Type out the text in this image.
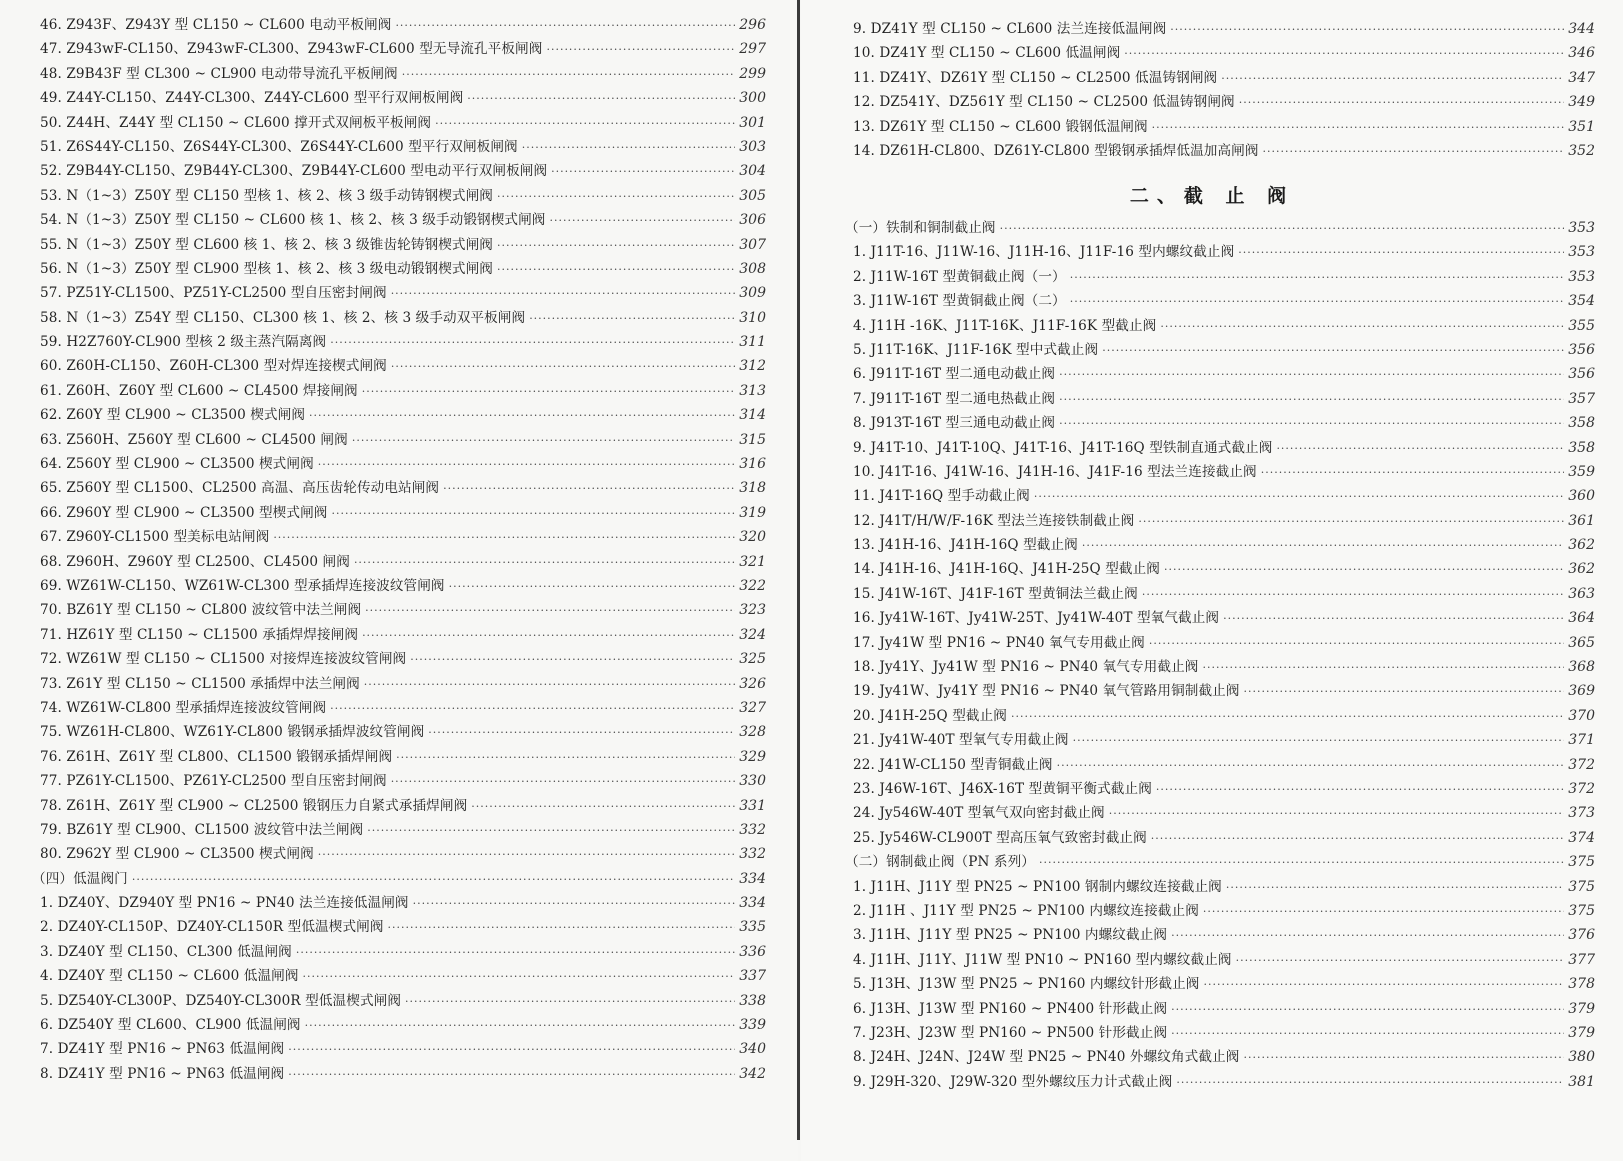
46. Z943F、Z943Y 型 CL150 ~ CL600 电动平板闸阀 ·····	296
47. Z943wF-CL150、Z943wF-CL300、Z943wF-CL600 型无导流孔平板闸阀 ·····	297
48. Z9B43F 型 CL300 ~ CL900 电动带导流孔平板闸阀 ·····	299
49. Z44Y-CL150、Z44Y-CL300、Z44Y-CL600 型平行双闸板闸阀 ·····	300
50. Z44H、Z44Y 型 CL150 ~ CL600 撑开式双闸板平板闸阀 ·····	301
51. Z6S44Y-CL150、Z6S44Y-CL300、Z6S44Y-CL600 型平行双闸板闸阀 ·····	303
52. Z9B44Y-CL150、Z9B44Y-CL300、Z9B44Y-CL600 型电动平行双闸板闸阀 ·····	304
53. N（1~3）Z50Y 型 CL150 型核 1、核 2、核 3 级手动铸钢楔式闸阀 ·····	305
54. N（1~3）Z50Y 型 CL150 ~ CL600 核 1、核 2、核 3 级手动锻钢楔式闸阀 ·····	306
55. N（1~3）Z50Y 型 CL600 核 1、核 2、核 3 级锥齿轮铸钢楔式闸阀 ·····	307
56. N（1~3）Z50Y 型 CL900 型核 1、核 2、核 3 级电动锻钢楔式闸阀 ·····	308
57. PZ51Y-CL1500、PZ51Y-CL2500 型自压密封闸阀 ·····	309
58. N（1~3）Z54Y 型 CL150、CL300 核 1、核 2、核 3 级手动双平板闸阀 ·····	310
59. H2Z760Y-CL900 型核 2 级主蒸汽隔离阀 ·····	311
60. Z60H-CL150、Z60H-CL300 型对焊连接楔式闸阀 ·····	312
61. Z60H、Z60Y 型 CL600 ~ CL4500 焊接闸阀 ·····	313
62. Z60Y 型 CL900 ~ CL3500 楔式闸阀 ·····	314
63. Z560H、Z560Y 型 CL600 ~ CL4500 闸阀 ·····	315
64. Z560Y 型 CL900 ~ CL3500 楔式闸阀 ·····	316
65. Z560Y 型 CL1500、CL2500 高温、高压齿轮传动电站闸阀 ·····	318
66. Z960Y 型 CL900 ~ CL3500 型楔式闸阀 ·····	319
67. Z960Y-CL1500 型美标电站闸阀 ·····	320
68. Z960H、Z960Y 型 CL2500、CL4500 闸阀 ·····	321
69. WZ61W-CL150、WZ61W-CL300 型承插焊连接波纹管闸阀 ·····	322
70. BZ61Y 型 CL150 ~ CL800 波纹管中法兰闸阀 ·····	323
71. HZ61Y 型 CL150 ~ CL1500 承插焊焊接闸阀 ·····	324
72. WZ61W 型 CL150 ~ CL1500 对接焊连接波纹管闸阀 ·····	325
73. Z61Y 型 CL150 ~ CL1500 承插焊中法兰闸阀 ·····	326
74. WZ61W-CL800 型承插焊连接波纹管闸阀 ·····	327
75. WZ61H-CL800、WZ61Y-CL800 锻钢承插焊波纹管闸阀 ·····	328
76. Z61H、Z61Y 型 CL800、CL1500 锻钢承插焊闸阀 ·····	329
77. PZ61Y-CL1500、PZ61Y-CL2500 型自压密封闸阀 ·····	330
78. Z61H、Z61Y 型 CL900 ~ CL2500 锻钢压力自紧式承插焊闸阀 ·····	331
79. BZ61Y 型 CL900、CL1500 波纹管中法兰闸阀 ·····	332
80. Z962Y 型 CL900 ~ CL3500 楔式闸阀 ·····	332
（四）低温阀门 ·····	334
1. DZ40Y、DZ940Y 型 PN16 ~ PN40 法兰连接低温闸阀 ·····	334
2. DZ40Y-CL150P、DZ40Y-CL150R 型低温楔式闸阀 ·····	335
3. DZ40Y 型 CL150、CL300 低温闸阀 ·····	336
4. DZ40Y 型 CL150 ~ CL600 低温闸阀 ·····	337
5. DZ540Y-CL300P、DZ540Y-CL300R 型低温楔式闸阀 ·····	338
6. DZ540Y 型 CL600、CL900 低温闸阀 ·····	339
7. DZ41Y 型 PN16 ~ PN63 低温闸阀 ·····	340
8. DZ41Y 型 PN16 ~ PN63 低温闸阀 ·····	342
9. DZ41Y 型 CL150 ~ CL600 法兰连接低温闸阀 ·····	344
10. DZ41Y 型 CL150 ~ CL600 低温闸阀 ·····	346
11. DZ41Y、DZ61Y 型 CL150 ~ CL2500 低温铸钢闸阀 ·····	347
12. DZ541Y、DZ561Y 型 CL150 ~ CL2500 低温铸钢闸阀 ·····	349
13. DZ61Y 型 CL150 ~ CL600 锻钢低温闸阀 ·····	351
14. DZ61H-CL800、DZ61Y-CL800 型锻钢承插焊低温加高闸阀 ·····	352
二、截 止 阀
（一）铁制和铜制截止阀 ·····	353
1. J11T-16、J11W-16、J11H-16、J11F-16 型内螺纹截止阀 ·····	353
2. J11W-16T 型黄铜截止阀（一） ·····	353
3. J11W-16T 型黄铜截止阀（二） ·····	354
4. J11H -16K、J11T-16K、J11F-16K 型截止阀 ·····	355
5. J11T-16K、J11F-16K 型中式截止阀 ·····	356
6. J911T-16T 型二通电动截止阀 ·····	356
7. J911T-16T 型二通电热截止阀 ·····	357
8. J913T-16T 型三通电动截止阀 ·····	358
9. J41T-10、J41T-10Q、J41T-16、J41T-16Q 型铁制直通式截止阀 ·····	358
10. J41T-16、J41W-16、J41H-16、J41F-16 型法兰连接截止阀 ·····	359
11. J41T-16Q 型手动截止阀 ·····	360
12. J41T/H/W/F-16K 型法兰连接铁制截止阀 ·····	361
13. J41H-16、J41H-16Q 型截止阀 ·····	362
14. J41H-16、J41H-16Q、J41H-25Q 型截止阀 ·····	362
15. J41W-16T、J41F-16T 型黄铜法兰截止阀 ·····	363
16. Jy41W-16T、Jy41W-25T、Jy41W-40T 型氧气截止阀 ·····	364
17. Jy41W 型 PN16 ~ PN40 氧气专用截止阀 ·····	365
18. Jy41Y、Jy41W 型 PN16 ~ PN40 氧气专用截止阀 ·····	368
19. Jy41W、Jy41Y 型 PN16 ~ PN40 氧气管路用铜制截止阀 ·····	369
20. J41H-25Q 型截止阀 ·····	370
21. Jy41W-40T 型氧气专用截止阀 ·····	371
22. J41W-CL150 型青铜截止阀 ·····	372
23. J46W-16T、J46X-16T 型黄铜平衡式截止阀 ·····	372
24. Jy546W-40T 型氧气双向密封截止阀 ·····	373
25. Jy546W-CL900T 型高压氧气致密封截止阀 ·····	374
（二）钢制截止阀（PN 系列） ·····	375
1. J11H、J11Y 型 PN25 ~ PN100 钢制内螺纹连接截止阀 ·····	375
2. J11H 、J11Y 型 PN25 ~ PN100 内螺纹连接截止阀 ·····	375
3. J11H、J11Y 型 PN25 ~ PN100 内螺纹截止阀 ·····	376
4. J11H、J11Y、J11W 型 PN10 ~ PN160 型内螺纹截止阀 ·····	377
5. J13H、J13W 型 PN25 ~ PN160 内螺纹针形截止阀 ·····	378
6. J13H、J13W 型 PN160 ~ PN400 针形截止阀 ·····	379
7. J23H、J23W 型 PN160 ~ PN500 针形截止阀 ·····	379
8. J24H、J24N、J24W 型 PN25 ~ PN40 外螺纹角式截止阀 ·····	380
9. J29H-320、J29W-320 型外螺纹压力计式截止阀 ·····	381
